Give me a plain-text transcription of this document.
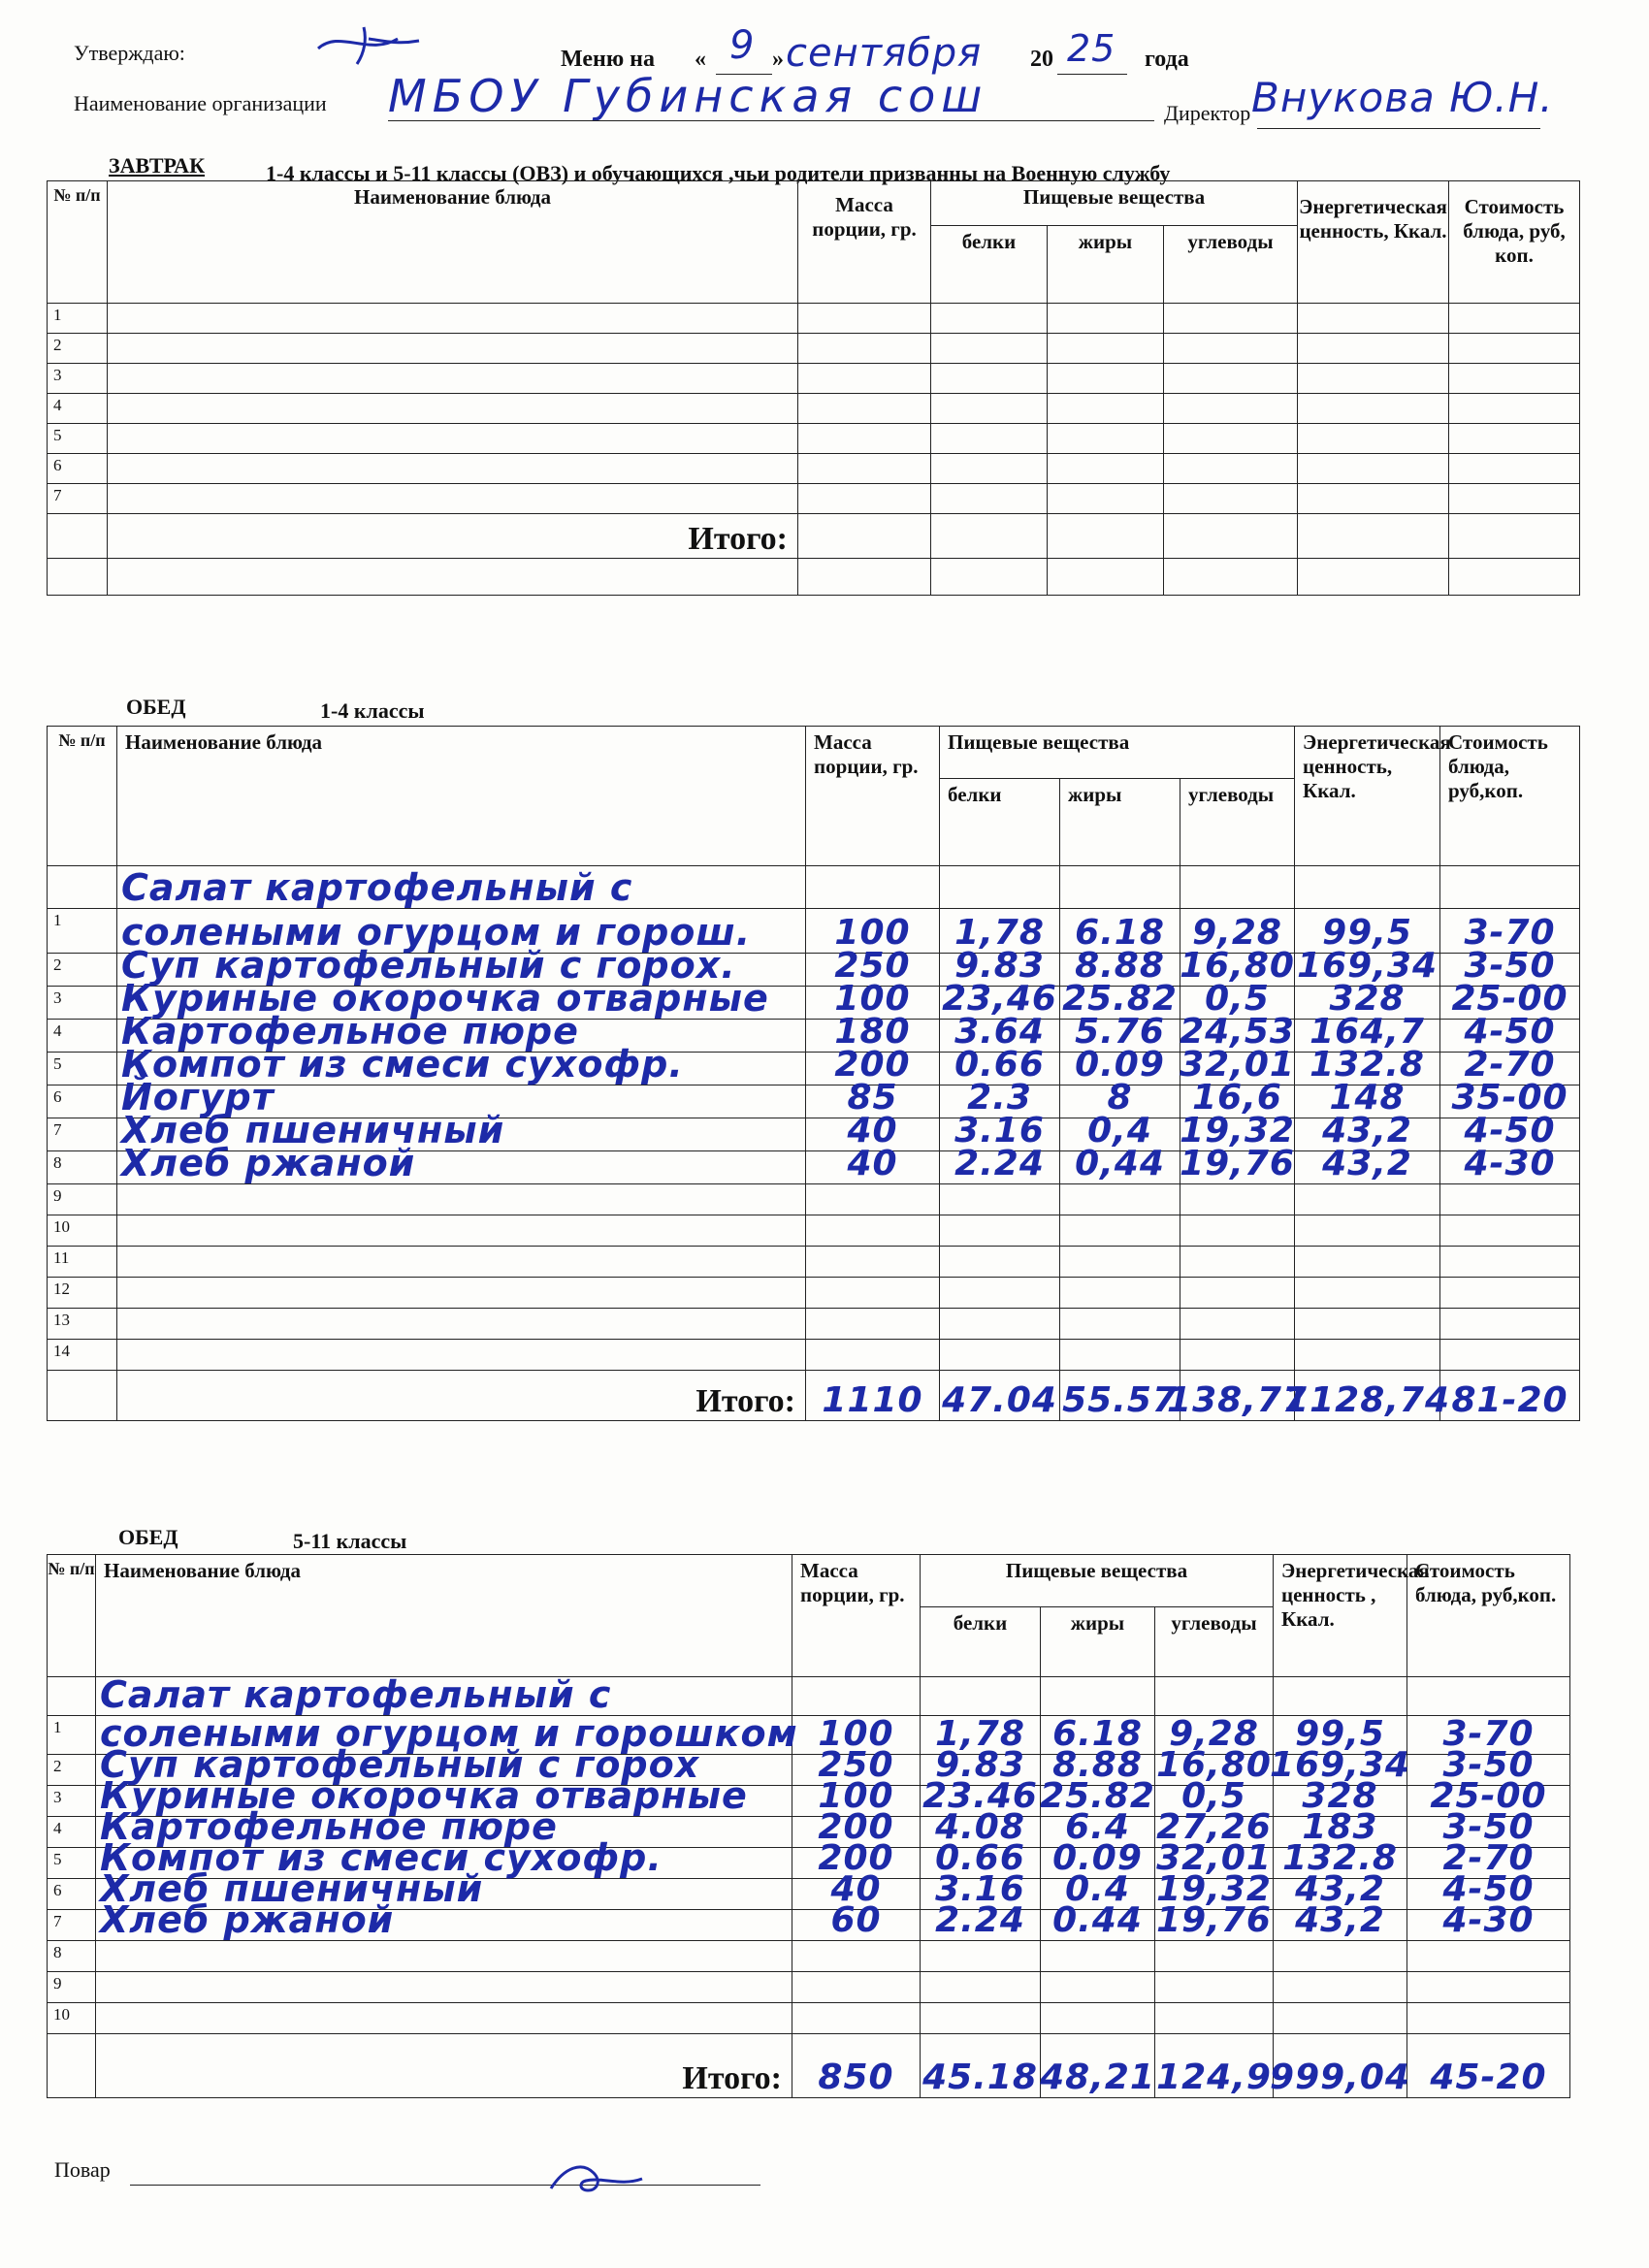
Утверждаю:	Меню на « 9 » сентября 20 25 года
Наименование организации МБОУ Губинская сош	Директор Внукова Ю.Н.
ЗАВТРАК	1-4 классы и 5-11 классы (ОВЗ) и обучающихся ,чьи родители призванны на Военную службу
№ п/п	Наименование блюда	Масса порции, гр.	Пищевые вещества			Энергетическая ценность, Ккал.	Стоимость блюда, руб, коп.
			белки	жиры	углеводы		

1							

2							

3							

4							

5							

6							

7							

	Итого:						

ОБЕД	1-4 классы
№ п/п	Наименование блюда	Масса порции, гр.	Пищевые вещества			Энергетическая ценность, Ккал.	Стоимость блюда, руб,коп.
			белки	жиры	углеводы		

	Салат картофельный с						

1	солеными огурцом и горош.	100	1,78	6.18	9,28	99,5	3-70

2	Суп картофельный с горох.	250	9.83	8.88	16,80	169,34	3-50

3	Куриные окорочка отварные	100	23,46	25.82	0,5	328	25-00

4	Картофельное пюре	180	3.64	5.76	24,53	164,7	4-50

5	Компот из смеси сухофр.	200	0.66	0.09	32,01	132.8	2-70

6	Йогурт	85	2.3	8	16,6	148	35-00

7	Хлеб пшеничный	40	3.16	0,4	19,32	43,2	4-50

8	Хлеб ржаной	40	2.24	0,44	19,76	43,2	4-30

9							

10							

11							

12							

13							

14							

	Итого:	1110	47.04	55.57	138,77	1128,74	81-20
ОБЕД	5-11 классы
№ п/п	Наименование блюда	Масса порции, гр.	Пищевые вещества			Энергетическая ценность , Ккал.	Стоимость блюда, руб,коп.
			белки	жиры	углеводы		

	Салат картофельный с						

1	солеными огурцом и горошком	100	1,78	6.18	9,28	99,5	3-70

2	Суп картофельный с горох	250	9.83	8.88	16,80	169,34	3-50

3	Куриные окорочка отварные	100	23.46	25.82	0,5	328	25-00

4	Картофельное пюре	200	4.08	6.4	27,26	183	3-50

5	Компот из смеси сухофр.	200	0.66	0.09	32,01	132.8	2-70

6	Хлеб пшеничный	40	3.16	0.4	19,32	43,2	4-50

7	Хлеб ржаной	60	2.24	0.44	19,76	43,2	4-30

8							

9							

10							

	Итого:	850	45.18	48,21	124,9	999,04	45-20
Повар
